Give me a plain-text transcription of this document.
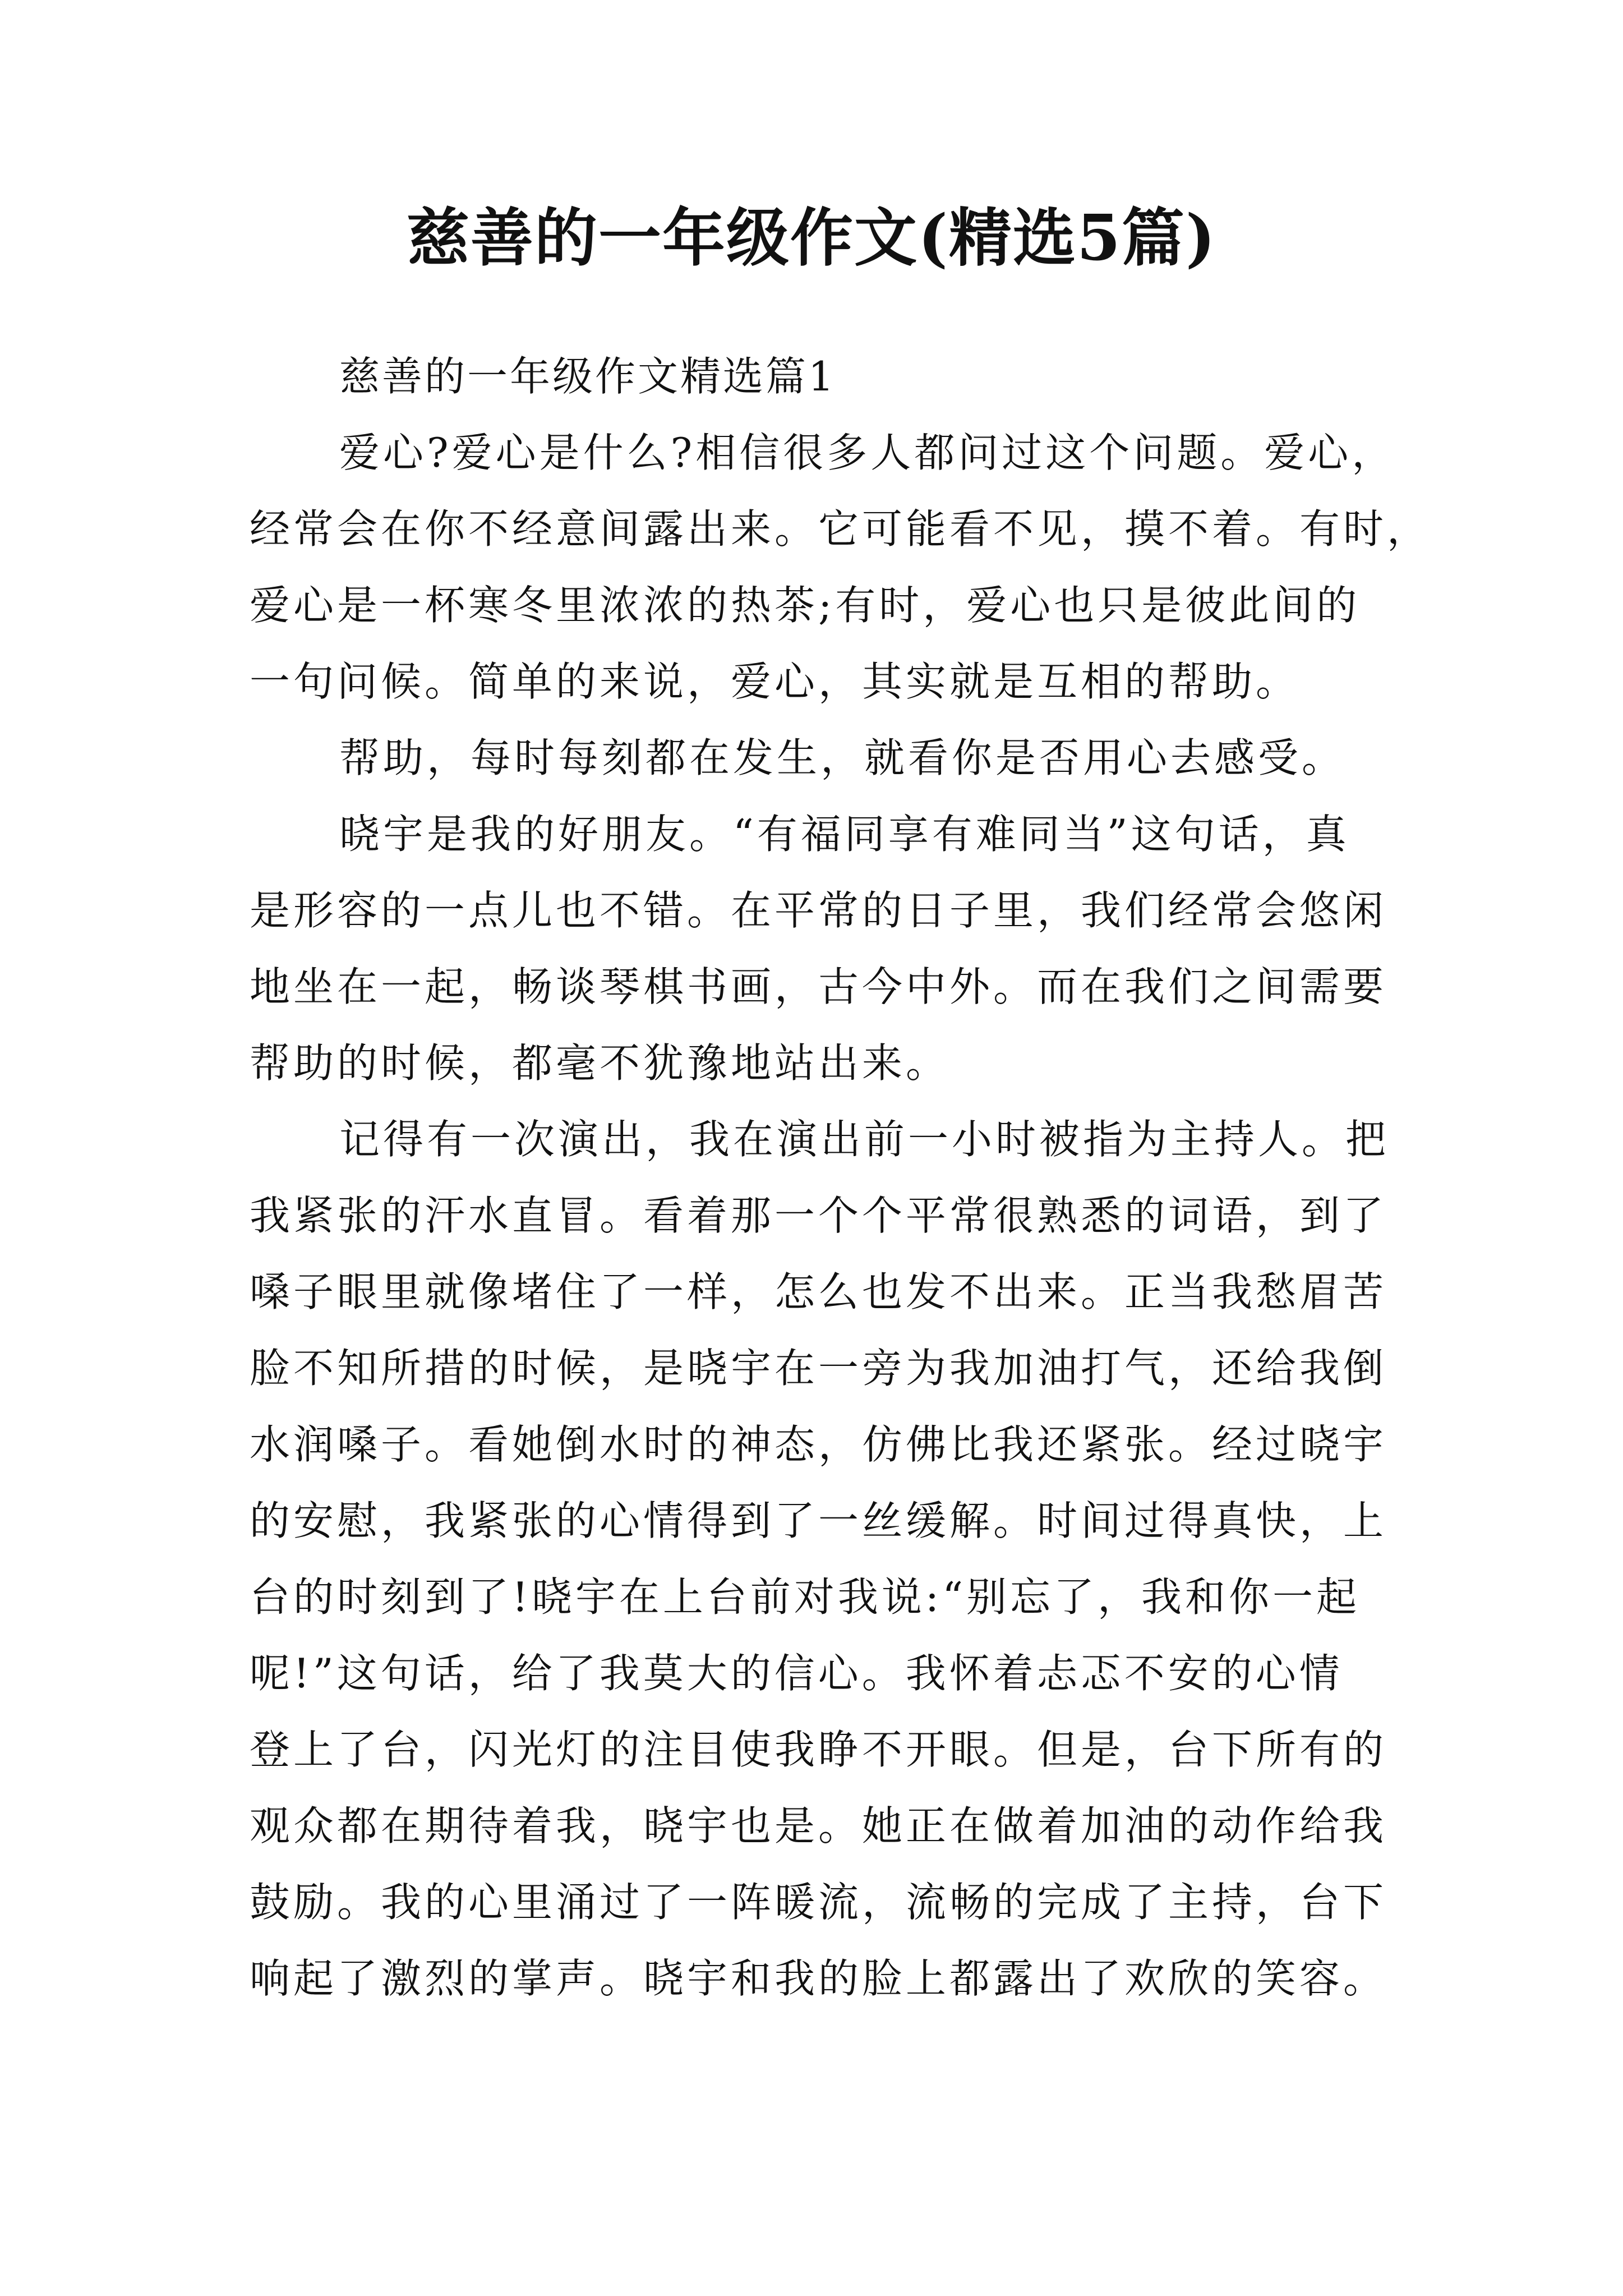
慈善的一年级作文(精选5篇)
慈善的一年级作文精选篇1
爱心?爱心是什么?相信很多人都问过这个问题。爱心，
经常会在你不经意间露出来。它可能看不见，摸不着。有时，
爱心是一杯寒冬里浓浓的热茶;有时，爱心也只是彼此间的
一句问候。简单的来说，爱心，其实就是互相的帮助。
帮助，每时每刻都在发生，就看你是否用心去感受。
晓宇是我的好朋友。“有福同享有难同当”这句话，真
是形容的一点儿也不错。在平常的日子里，我们经常会悠闲
地坐在一起，畅谈琴棋书画，古今中外。而在我们之间需要
帮助的时候，都毫不犹豫地站出来。
记得有一次演出，我在演出前一小时被指为主持人。把
我紧张的汗水直冒。看着那一个个平常很熟悉的词语，到了
嗓子眼里就像堵住了一样，怎么也发不出来。正当我愁眉苦
脸不知所措的时候，是晓宇在一旁为我加油打气，还给我倒
水润嗓子。看她倒水时的神态，仿佛比我还紧张。经过晓宇
的安慰，我紧张的心情得到了一丝缓解。时间过得真快，上
台的时刻到了!晓宇在上台前对我说:“别忘了，我和你一起
呢!”这句话，给了我莫大的信心。我怀着忐忑不安的心情
登上了台，闪光灯的注目使我睁不开眼。但是，台下所有的
观众都在期待着我，晓宇也是。她正在做着加油的动作给我
鼓励。我的心里涌过了一阵暖流，流畅的完成了主持，台下
响起了激烈的掌声。晓宇和我的脸上都露出了欢欣的笑容。
